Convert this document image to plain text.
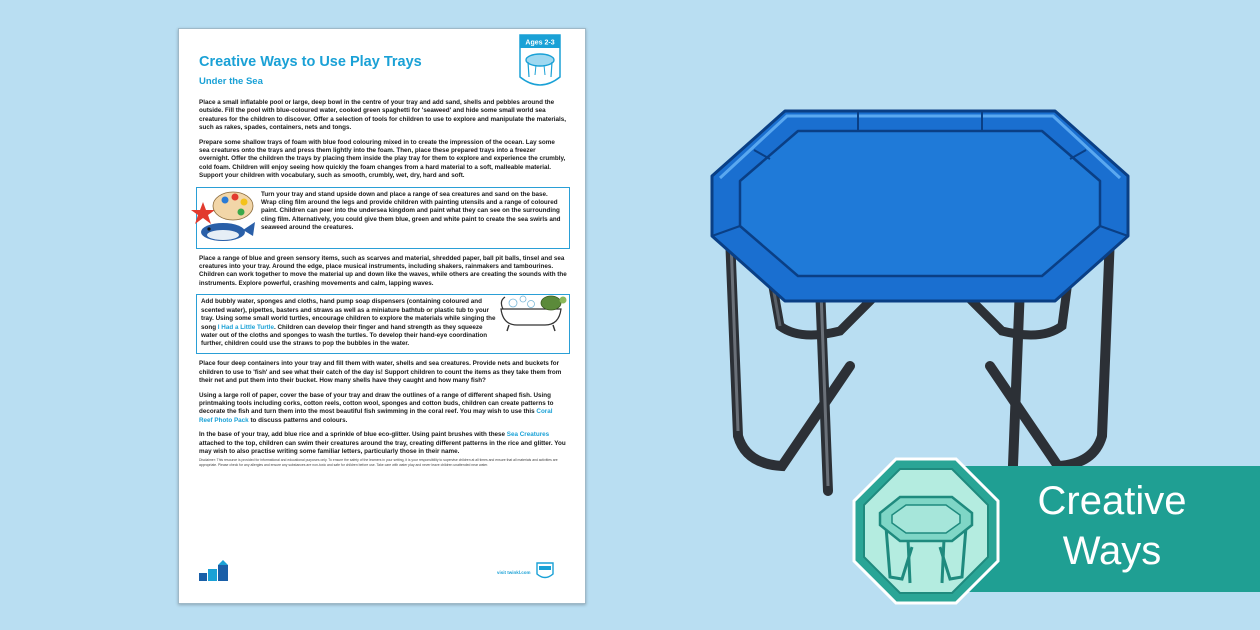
Creative Ways to Use Play Trays
Under the Sea
Ages 2-3

Place a small inflatable pool or large, deep bowl in the centre of your tray and add sand, shells and pebbles around the outside. Fill the pool with blue-coloured water, cooked green spaghetti for 'seaweed' and hide some small world sea creatures for the children to discover. Offer a selection of tools for children to use to explore and manipulate the materials, such as rakes, spades, containers, nets and tongs.

Prepare some shallow trays of foam with blue food colouring mixed in to create the impression of the ocean. Lay some sea creatures onto the trays and press them lightly into the foam. Then, place these prepared trays into a freezer overnight. Offer the children the trays by placing them inside the play tray for them to explore and experience the crumbly, cold foam. Children will enjoy seeing how quickly the foam changes from a hard material to a soft, malleable material. Support your children with vocabulary, such as smooth, crumbly, wet, dry, hard and soft.

Turn your tray and stand upside down and place a range of sea creatures and sand on the base. Wrap cling film around the legs and provide children with painting utensils and a range of coloured paint. Children can peer into the undersea kingdom and paint what they can see on the surrounding cling film. Alternatively, you could give them blue, green and white paint to create the sea swirls and seaweed around the creatures.

Place a range of blue and green sensory items, such as scarves and material, shredded paper, ball pit balls, tinsel and sea creatures into your tray. Around the edge, place musical instruments, including shakers, rainmakers and tambourines. Children can work together to move the material up and down like the waves, while others are creating the sounds with the instruments. Explore powerful, crashing movements and calm, lapping waves.

Add bubbly water, sponges and cloths, hand pump soap dispensers (containing coloured and scented water), pipettes, basters and straws as well as a miniature bathtub or plastic tub to your tray. Using some small world turtles, encourage children to explore the materials while singing the song I Had a Little Turtle. Children can develop their finger and hand strength as they squeeze water out of the cloths and sponges to wash the turtles. To develop their hand-eye coordination further, children could use the straws to pop the bubbles in the water.

Place four deep containers into your tray and fill them with water, shells and sea creatures. Provide nets and buckets for children to use to 'fish' and see what their catch of the day is! Support children to count the items as they take them from their net and put them into their bucket. How many shells have they caught and how many fish?

Using a large roll of paper, cover the base of your tray and draw the outlines of a range of different shaped fish. Using printmaking tools including corks, cotton reels, cotton wool, sponges and cotton buds, children can create patterns to decorate the fish and turn them into the most beautiful fish swimming in the coral reef. You may wish to use this Coral Reef Photo Pack to discuss patterns and colours.

In the base of your tray, add blue rice and a sprinkle of blue eco-glitter. Using paint brushes with these Sea Creatures attached to the top, children can swim their creatures around the tray, creating different patterns in the rice and glitter. You may wish to also practise writing some familiar letters, particularly those in their name.

Disclaimer: This resource is provided for informational and educational purposes only. To ensure the safety of the learners in your setting, it is your responsibility to supervise children at all times and ensure that all materials and activities are appropriate. Please check for any allergies and ensure any substances are non-toxic and safe for children before use. Take care with water play and never leave children unattended near water.

visit twinkl.com

Creative
Ways
